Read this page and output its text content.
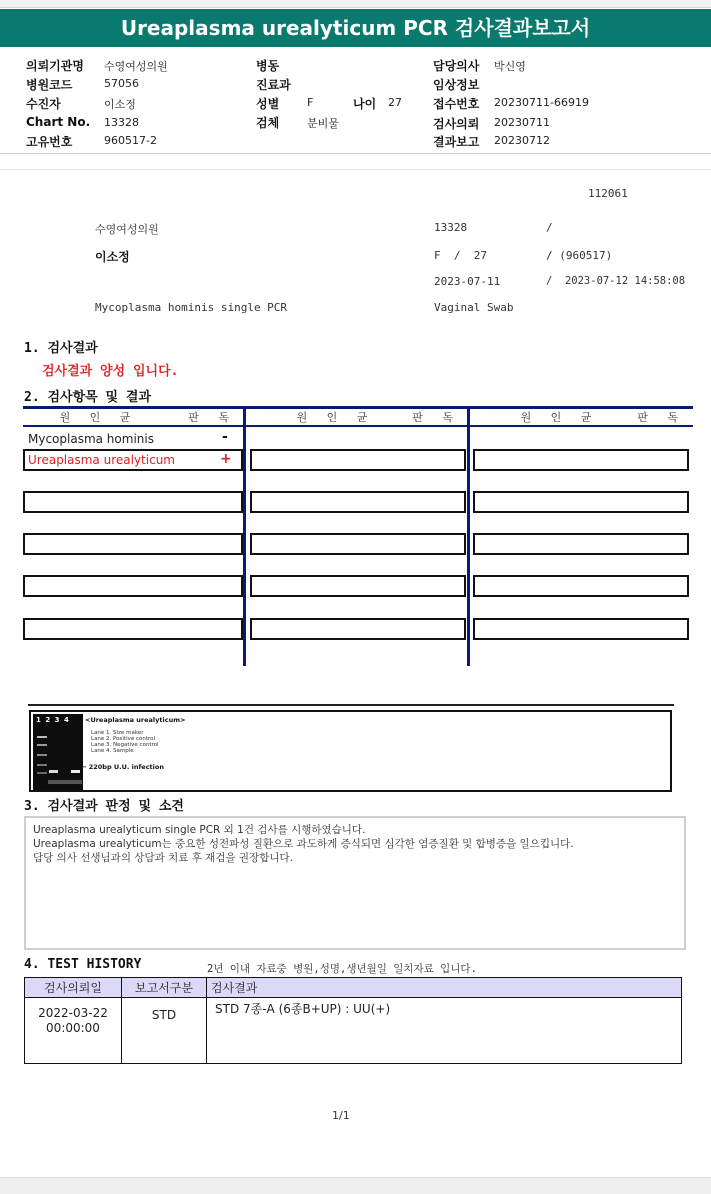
Ureaplasma urealyticum PCR 검사결과보고서
의뢰기관명 수영여성의원
병원코드	57056
수진자	이소정
Chart No. 13328
고유번호	960517-2
병동
진료과
성별	F	나이 27
검체	분비물
담당의사 박신영
임상정보
접수번호 20230711-66919
검사의뢰 20230711
결과보고 20230712
112061
수영여성의원	13328	/
이소정	F  /  27	/ (960517)
2023-07-11	/  2023-07-12 14:58:08
Mycoplasma hominis single PCR	Vaginal Swab
1. 검사결과
검사결과 양성 입니다.
2. 검사항목 및 결과
원 인 균	판 독	원 인 균	판 독	원 인 균	판 독
Mycoplasma hominis	-
Ureaplasma urealyticum	+
1 2 3 4 <Ureaplasma urealyticum>
Lane 1. Size maker
Lane 2. Positive control
Lane 3. Negative control
Lane 4. Sample
← 220bp U.U. infection
3. 검사결과 판정 및 소견
Ureaplasma urealyticum single PCR 외 1건 검사를 시행하였습니다.
Ureaplasma urealyticum는 중요한 성전파성 질환으로 과도하게 증식되면 심각한 염증질환 및 합병증을 일으킵니다.
담당 의사 선생님과의 상담과 치료 후 재검을 권장합니다.
4. TEST HISTORY	2년 이내 자료중 병원,성명,생년월일 일치자료 입니다.
검사의뢰일	보고서구분	검사결과

2022-03-22
00:00:00	STD	STD 7종-A (6종B+UP) : UU(+)
1/1
